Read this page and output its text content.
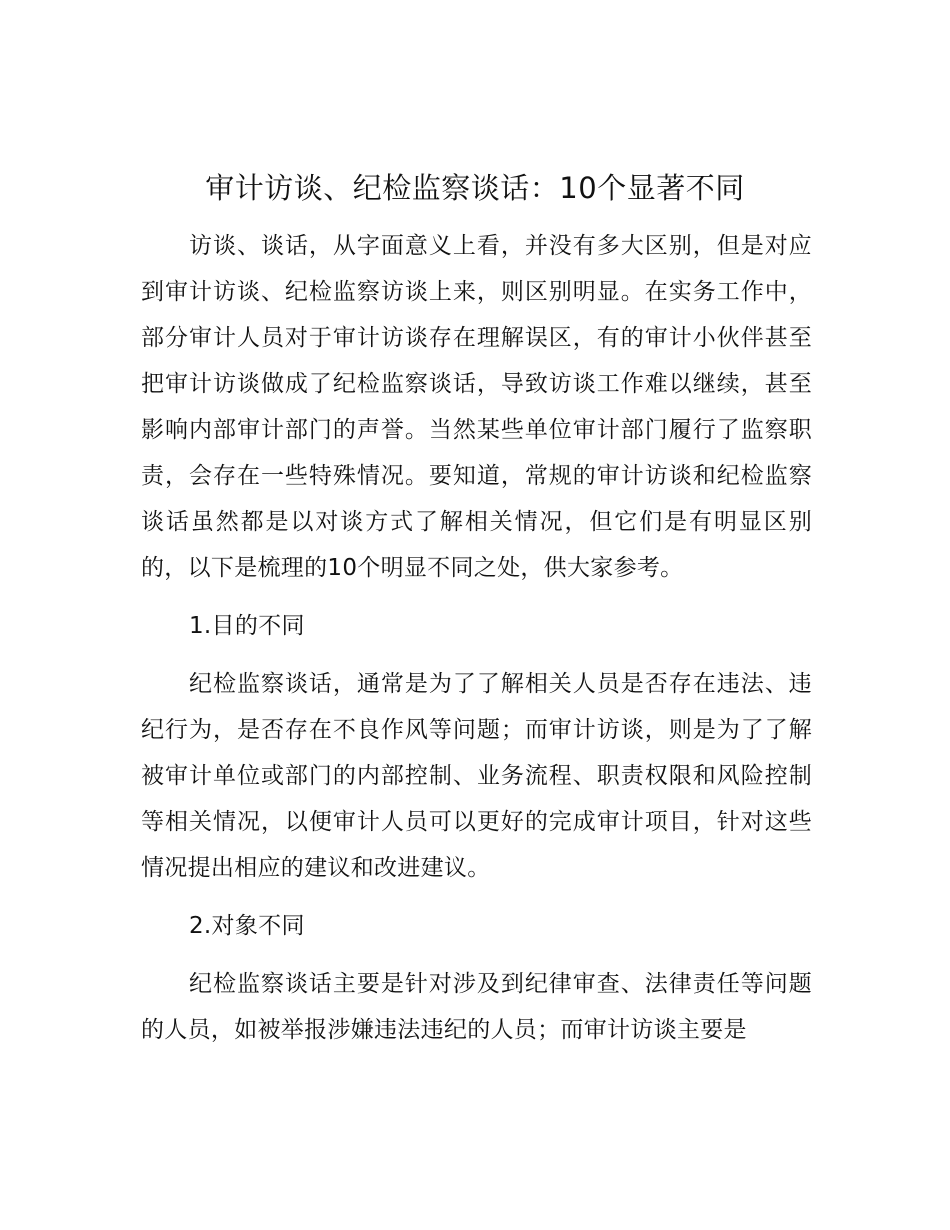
审计访谈、纪检监察谈话：10个显著不同

访谈、谈话，从字面意义上看，并没有多大区别，但是对应到审计访谈、纪检监察访谈上来，则区别明显。在实务工作中，部分审计人员对于审计访谈存在理解误区，有的审计小伙伴甚至把审计访谈做成了纪检监察谈话，导致访谈工作难以继续，甚至影响内部审计部门的声誉。当然某些单位审计部门履行了监察职责，会存在一些特殊情况。要知道，常规的审计访谈和纪检监察谈话虽然都是以对谈方式了解相关情况，但它们是有明显区别的，以下是梳理的10个明显不同之处，供大家参考。

1.目的不同

纪检监察谈话，通常是为了了解相关人员是否存在违法、违纪行为，是否存在不良作风等问题；而审计访谈，则是为了了解被审计单位或部门的内部控制、业务流程、职责权限和风险控制等相关情况，以便审计人员可以更好的完成审计项目，针对这些情况提出相应的建议和改进建议。

2.对象不同

纪检监察谈话主要是针对涉及到纪律审查、法律责任等问题的人员，如被举报涉嫌违法违纪的人员；而审计访谈主要是
